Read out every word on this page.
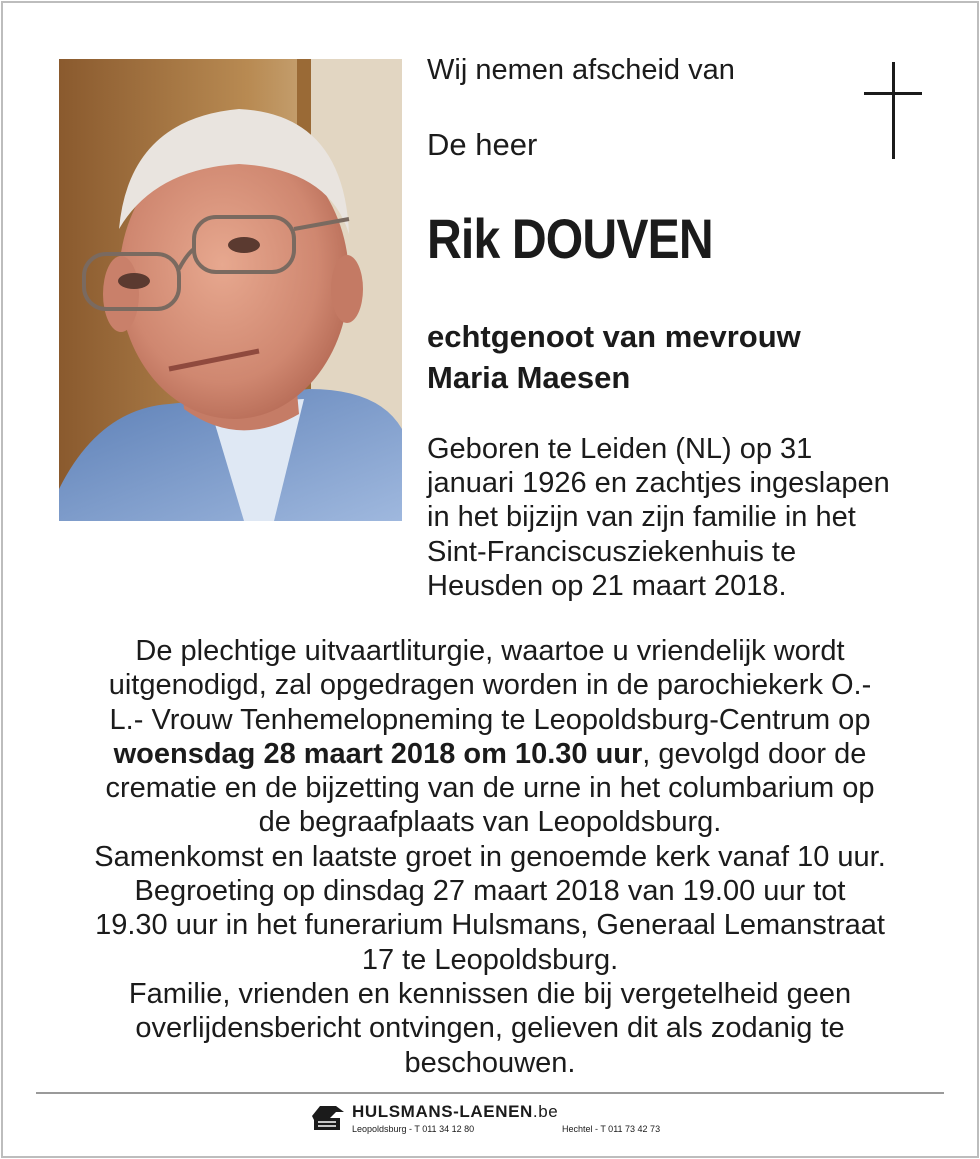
Wij nemen afscheid van
De heer
Rik DOUVEN
echtgenoot van mevrouw
Maria Maesen
Geboren te Leiden (NL) op 31
januari 1926 en zachtjes ingeslapen
in het bijzijn van zijn familie in het
Sint-Franciscusziekenhuis te
Heusden op 21 maart 2018.
De plechtige uitvaartliturgie, waartoe u vriendelijk wordt
uitgenodigd, zal opgedragen worden in de parochiekerk O.-
L.- Vrouw Tenhemelopneming te Leopoldsburg-Centrum op
woensdag 28 maart 2018 om 10.30 uur, gevolgd door de
crematie en de bijzetting van de urne in het columbarium op
de begraafplaats van Leopoldsburg.
Samenkomst en laatste groet in genoemde kerk vanaf 10 uur.
Begroeting op dinsdag 27 maart 2018 van 19.00 uur tot
19.30 uur in het funerarium Hulsmans, Generaal Lemanstraat
17 te Leopoldsburg.
Familie, vrienden en kennissen die bij vergetelheid geen
overlijdensbericht ontvingen, gelieven dit als zodanig te
beschouwen.
HULSMANS-LAENEN.be
Leopoldsburg - T 011 34 12 80	Hechtel - T 011 73 42 73
